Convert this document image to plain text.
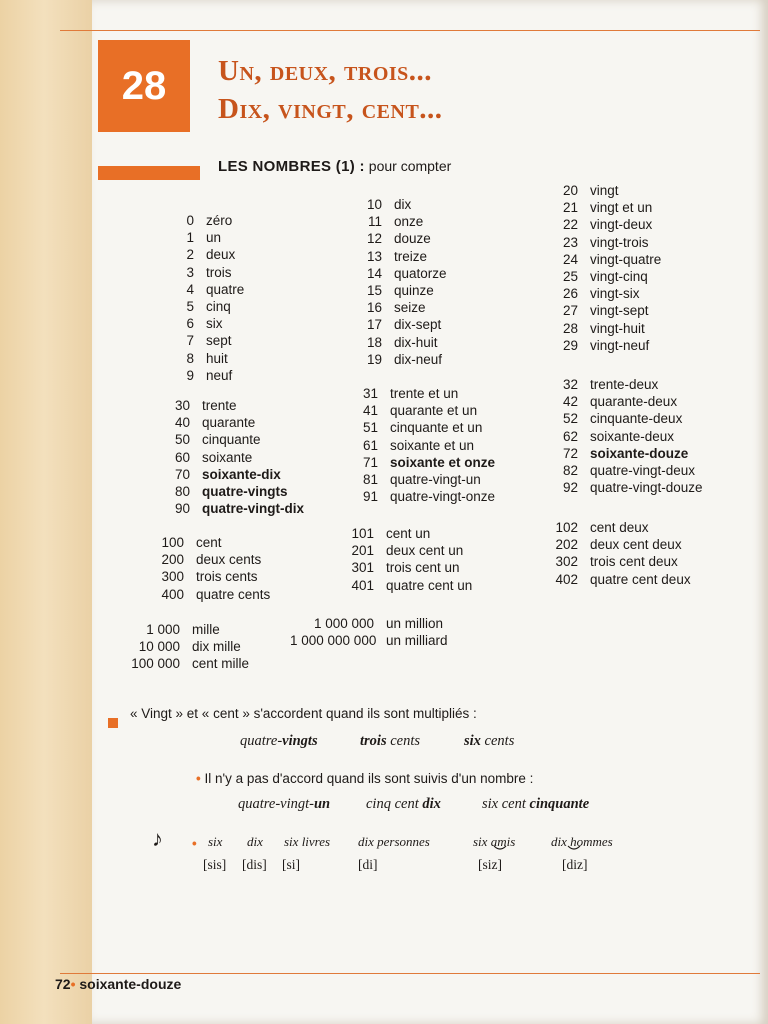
28	Un, deux, trois...
Dix, vingt, cent...
LES NOMBRES (1) : pour compter
0 zéro
1 un
2 deux
3 trois
4 quatre
5 cinq
6 six
7 sept
8 huit
9 neuf
10 dix
11 onze
12 douze
13 treize
14 quatorze
15 quinze
16 seize
17 dix-sept
18 dix-huit
19 dix-neuf
20 vingt
21 vingt et un
22 vingt-deux
23 vingt-trois
24 vingt-quatre
25 vingt-cinq
26 vingt-six
27 vingt-sept
28 vingt-huit
29 vingt-neuf
30 trente
40 quarante
50 cinquante
60 soixante
70 soixante-dix
80 quatre-vingts
90 quatre-vingt-dix
31 trente et un
41 quarante et un
51 cinquante et un
61 soixante et un
71 soixante et onze
81 quatre-vingt-un
91 quatre-vingt-onze
32 trente-deux
42 quarante-deux
52 cinquante-deux
62 soixante-deux
72 soixante-douze
82 quatre-vingt-deux
92 quatre-vingt-douze
100 cent
200 deux cents
300 trois cents
400 quatre cents
101 cent un
201 deux cent un
301 trois cent un
401 quatre cent un
102 cent deux
202 deux cent deux
302 trois cent deux
402 quatre cent deux
1 000 mille
10 000 dix mille
100 000 cent mille
1 000 000 un million
1 000 000 000 un milliard
« Vingt » et « cent » s'accordent quand ils sont multipliés :
quatre-vingts	trois cents	six cents
• Il n'y a pas d'accord quand ils sont suivis d'un nombre :
quatre-vingt-un cinq cent dix	six cent cinquante
♪ • six
[sis]
dix
[dis]
six livres
[si]
dix personnes
[di]
six amis
[siz]
dix hommes
[diz]
72• soixante-douze
